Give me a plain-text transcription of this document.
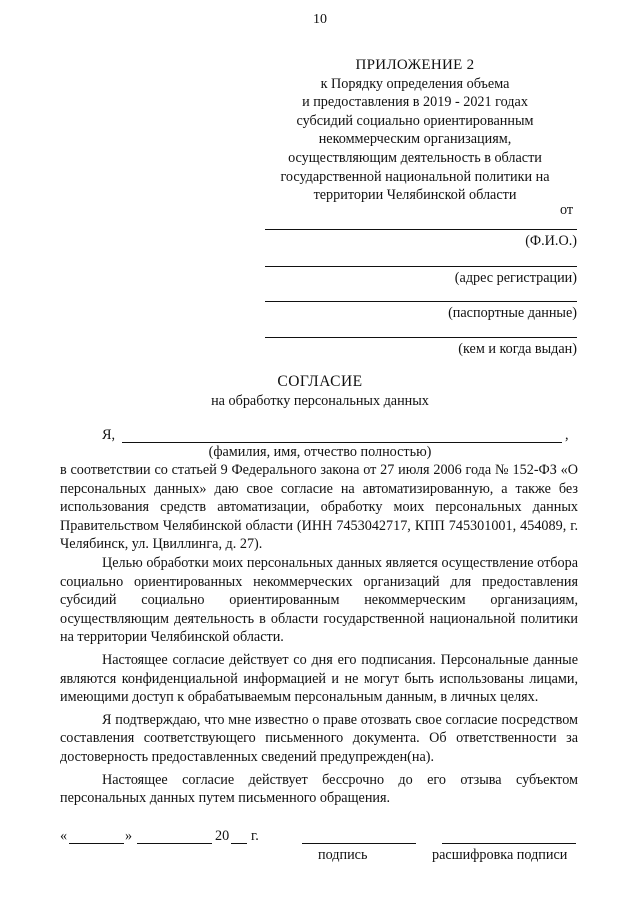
10
ПРИЛОЖЕНИЕ 2
к Порядку определения объема
и предоставления в 2019 - 2021 годах
субсидий социально ориентированным
некоммерческим организациям,
осуществляющим деятельность в области
государственной национальной политики на
территории Челябинской области
от
(Ф.И.О.)
(адрес регистрации)
(паспортные данные)
(кем и когда выдан)
СОГЛАСИЕ
на обработку персональных данных
Я,	,
(фамилия, имя, отчество полностью)

в соответствии со статьей 9 Федерального закона от 27 июля 2006 года № 152-ФЗ «О персональных данных» даю свое согласие на автоматизированную, а также без использования средств автоматизации, обработку моих персональных данных Правительством Челябинской области (ИНН 7453042717, КПП 745301001, 454089, г. Челябинск, ул. Цвиллинга, д. 27).

Целью обработки моих персональных данных является осуществление отбора социально ориентированных некоммерческих организаций для предоставления субсидий социально ориентированным некоммерческим организациям, осуществляющим деятельность в области государственной национальной политики на территории Челябинской области.

Настоящее согласие действует со дня его подписания. Персональные данные являются конфиденциальной информацией и не могут быть использованы лицами, имеющими доступ к обрабатываемым персональным данным, в личных целях.

Я подтверждаю, что мне известно о праве отозвать свое согласие посредством составления соответствующего письменного документа. Об ответственности за достоверность предоставленных сведений предупрежден(на).

Настоящее согласие действует бессрочно до его отзыва субъектом персональных данных путем письменного обращения.

«	»	20 г.
подпись	расшифровка подписи
